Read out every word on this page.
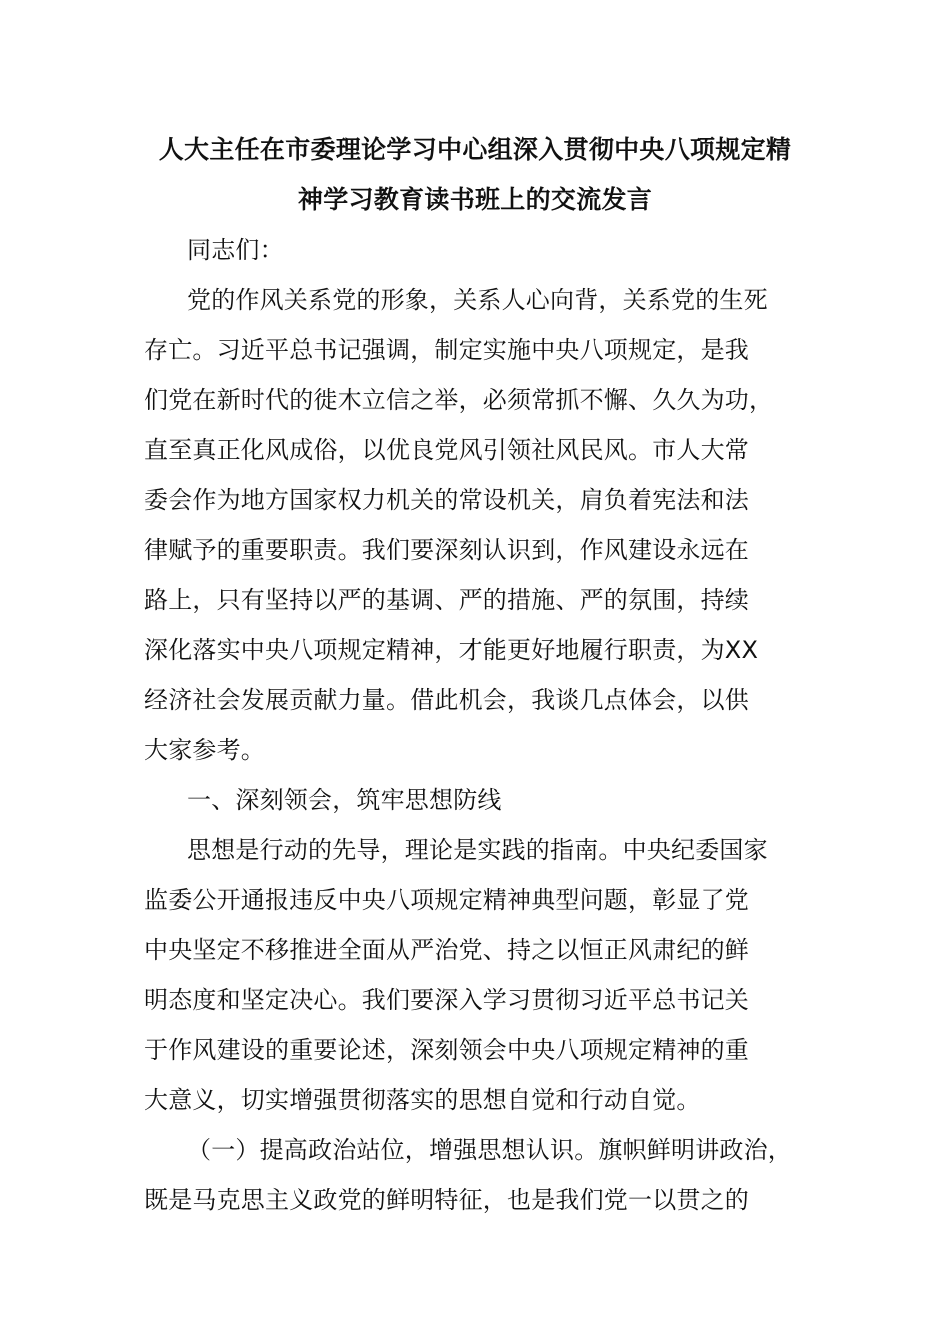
人大主任在市委理论学习中心组深入贯彻中央八项规定精
神学习教育读书班上的交流发言
同志们：
党的作风关系党的形象，关系人心向背，关系党的生死
存亡。习近平总书记强调，制定实施中央八项规定，是我
们党在新时代的徙木立信之举，必须常抓不懈、久久为功，
直至真正化风成俗，以优良党风引领社风民风。市人大常
委会作为地方国家权力机关的常设机关，肩负着宪法和法
律赋予的重要职责。我们要深刻认识到，作风建设永远在
路上，只有坚持以严的基调、严的措施、严的氛围，持续
深化落实中央八项规定精神，才能更好地履行职责，为XX
经济社会发展贡献力量。借此机会，我谈几点体会，以供
大家参考。
一、深刻领会，筑牢思想防线
思想是行动的先导，理论是实践的指南。中央纪委国家
监委公开通报违反中央八项规定精神典型问题，彰显了党
中央坚定不移推进全面从严治党、持之以恒正风肃纪的鲜
明态度和坚定决心。我们要深入学习贯彻习近平总书记关
于作风建设的重要论述，深刻领会中央八项规定精神的重
大意义，切实增强贯彻落实的思想自觉和行动自觉。
（一）提高政治站位，增强思想认识。旗帜鲜明讲政治，
既是马克思主义政党的鲜明特征，也是我们党一以贯之的
